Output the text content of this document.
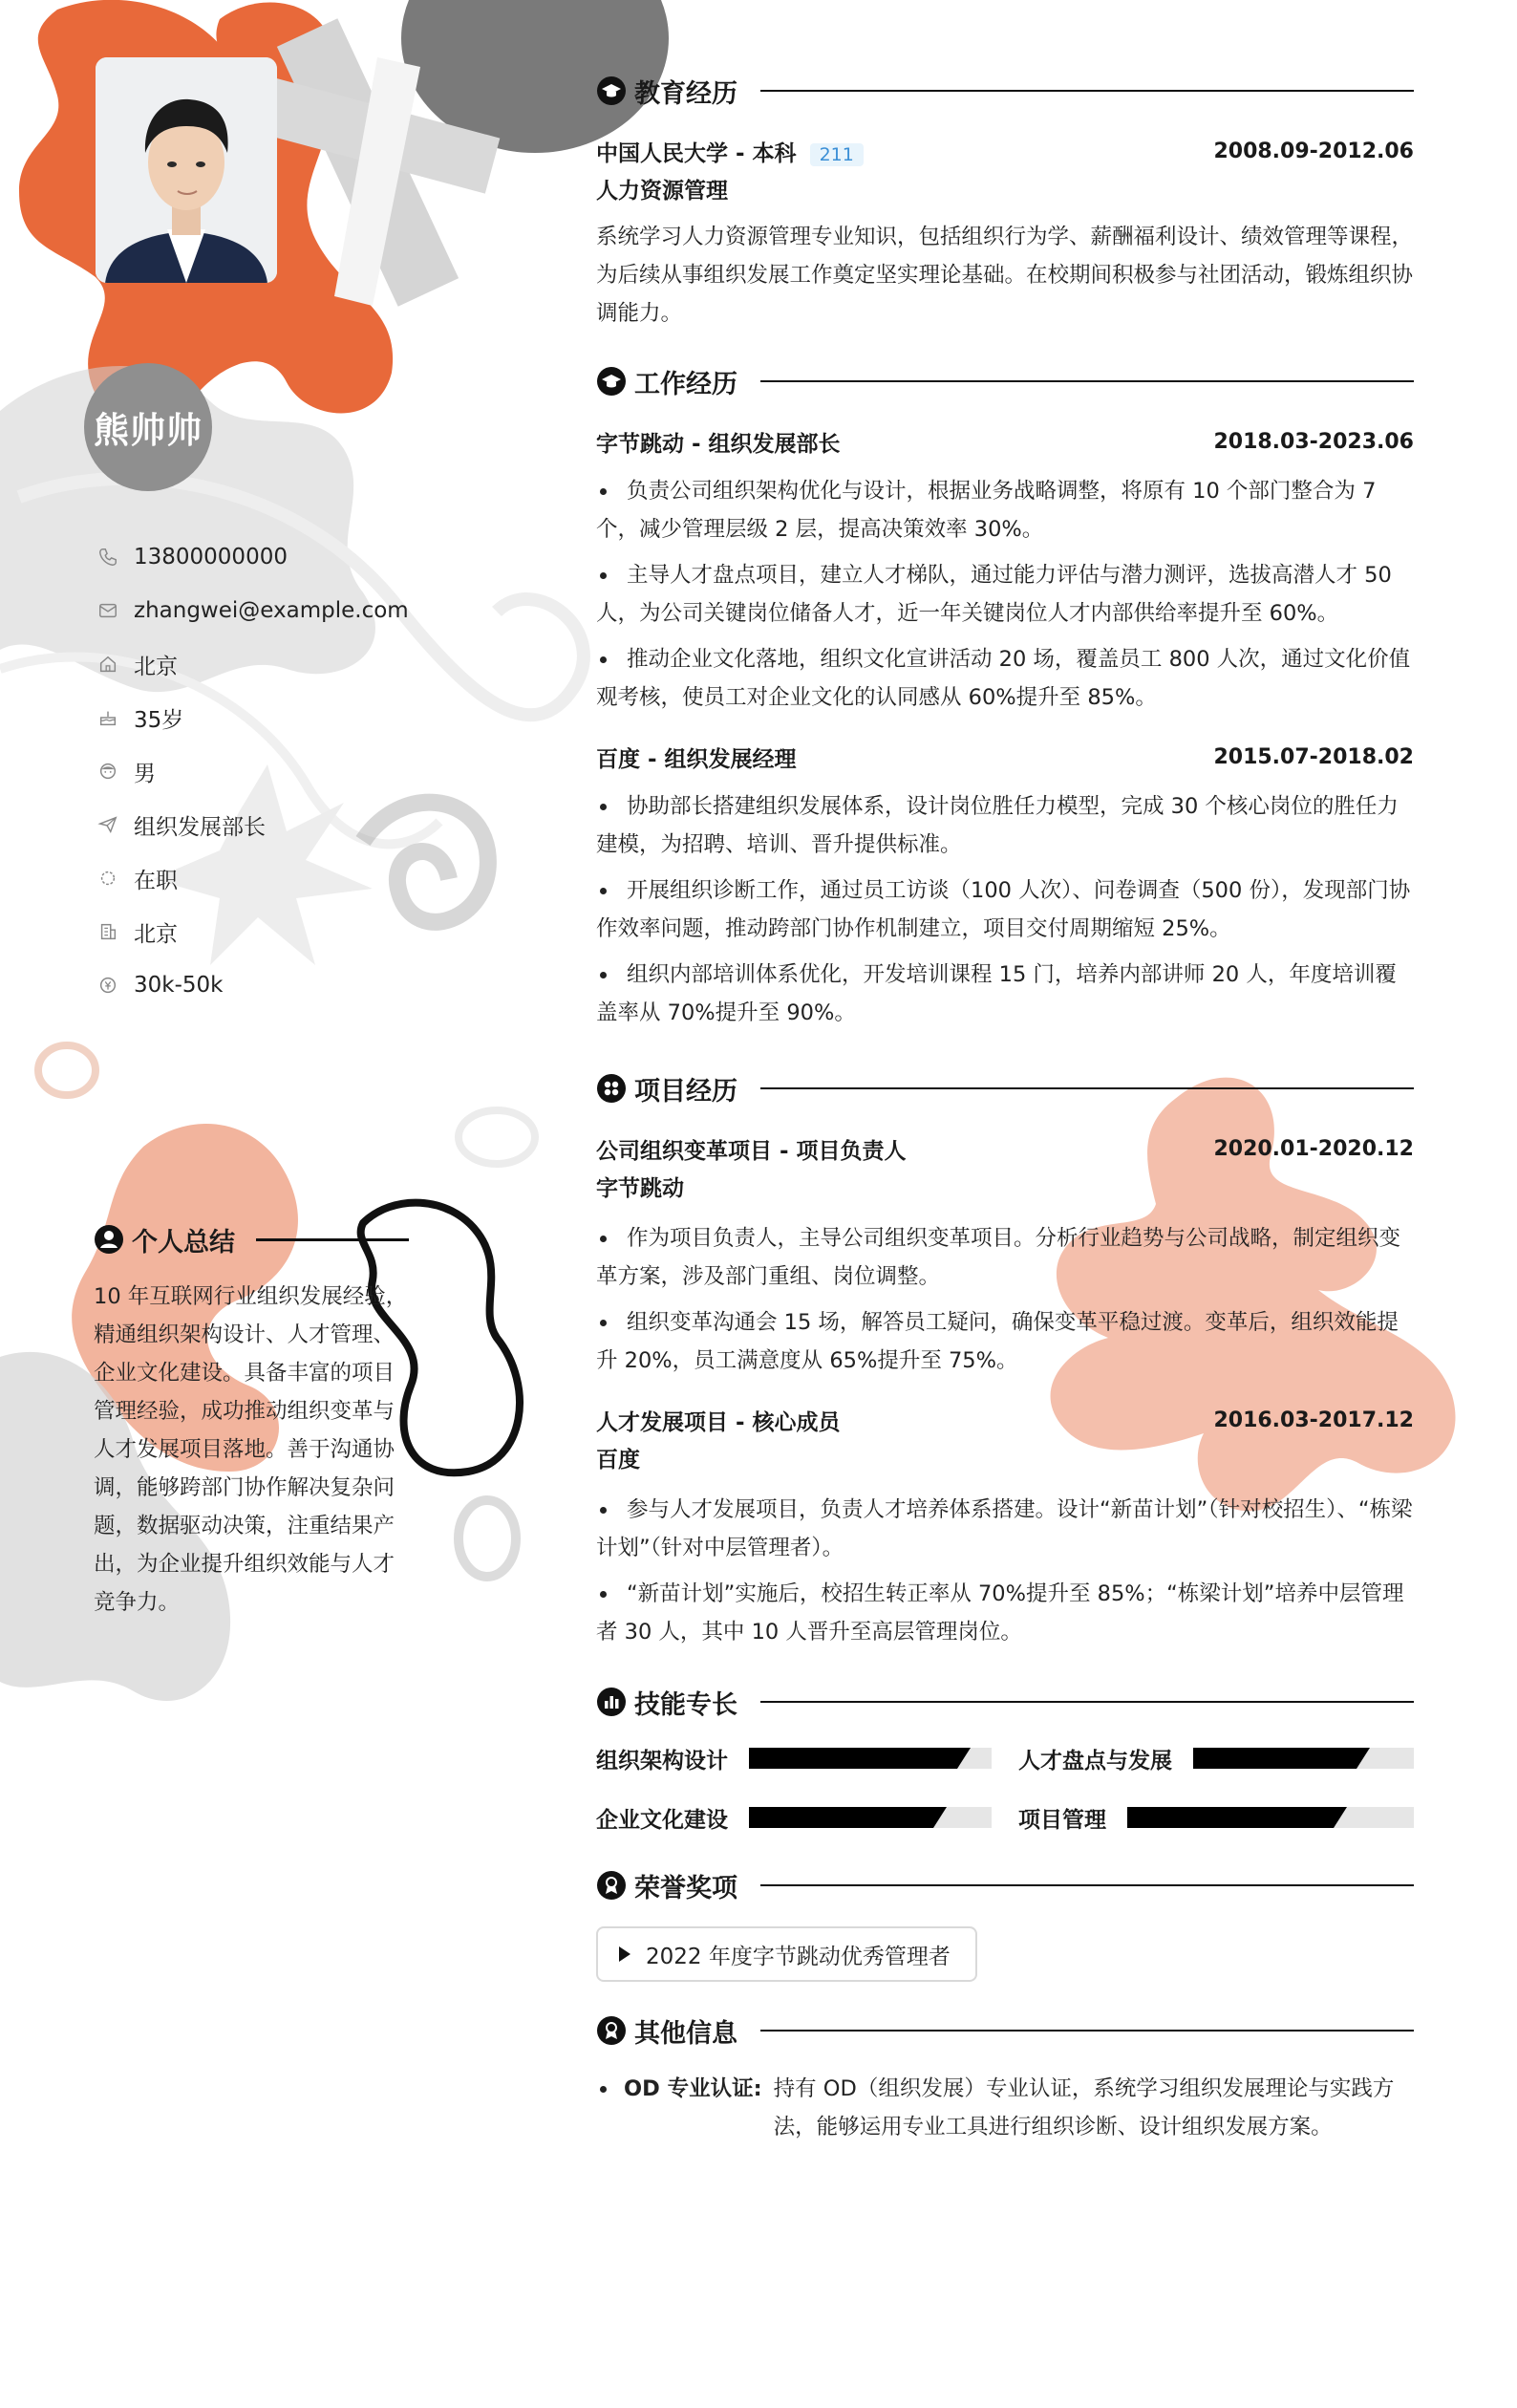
熊帅帅
13800000000
zhangwei@example.com
北京
35岁
男
组织发展部长
在职
北京
30k-50k
个人总结
10 年互联网行业组织发展经验，精通组织架构设计、人才管理、企业文化建设。具备丰富的项目管理经验，成功推动组织变革与人才发展项目落地。善于沟通协调，能够跨部门协作解决复杂问题，数据驱动决策，注重结果产出，为企业提升组织效能与人才竞争力。
教育经历
中国人民大学 - 本科 211	2008.09-2012.06
人力资源管理

系统学习人力资源管理专业知识，包括组织行为学、薪酬福利设计、绩效管理等课程，为后续从事组织发展工作奠定坚实理论基础。在校期间积极参与社团活动，锻炼组织协调能力。

工作经历
字节跳动 - 组织发展部长	2018.03-2023.06
负责公司组织架构优化与设计，根据业务战略调整，将原有 10 个部门整合为 7 个，减少管理层级 2 层，提高决策效率 30%。
主导人才盘点项目，建立人才梯队，通过能力评估与潜力测评，选拔高潜人才 50 人，为公司关键岗位储备人才，近一年关键岗位人才内部供给率提升至 60%。
推动企业文化落地，组织文化宣讲活动 20 场，覆盖员工 800 人次，通过文化价值观考核，使员工对企业文化的认同感从 60%提升至 85%。
百度 - 组织发展经理	2015.07-2018.02
协助部长搭建组织发展体系，设计岗位胜任力模型，完成 30 个核心岗位的胜任力建模，为招聘、培训、晋升提供标准。
开展组织诊断工作，通过员工访谈（100 人次）、问卷调查（500 份），发现部门协作效率问题，推动跨部门协作机制建立，项目交付周期缩短 25%。
组织内部培训体系优化，开发培训课程 15 门，培养内部讲师 20 人，年度培训覆盖率从 70%提升至 90%。
项目经历
公司组织变革项目 - 项目负责人	2020.01-2020.12
字节跳动
作为项目负责人，主导公司组织变革项目。分析行业趋势与公司战略，制定组织变革方案，涉及部门重组、岗位调整。
组织变革沟通会 15 场，解答员工疑问，确保变革平稳过渡。变革后，组织效能提升 20%，员工满意度从 65%提升至 75%。
人才发展项目 - 核心成员	2016.03-2017.12
百度
参与人才发展项目，负责人才培养体系搭建。设计“新苗计划”（针对校招生）、“栋梁计划”（针对中层管理者）。
“新苗计划”实施后，校招生转正率从 70%提升至 85%；“栋梁计划”培养中层管理者 30 人，其中 10 人晋升至高层管理岗位。
技能专长
组织架构设计	人才盘点与发展
企业文化建设	项目管理
荣誉奖项
2022 年度字节跳动优秀管理者
其他信息
OD 专业认证: 持有 OD（组织发展）专业认证，系统学习组织发展理论与实践方法，能够运用专业工具进行组织诊断、设计组织发展方案。
